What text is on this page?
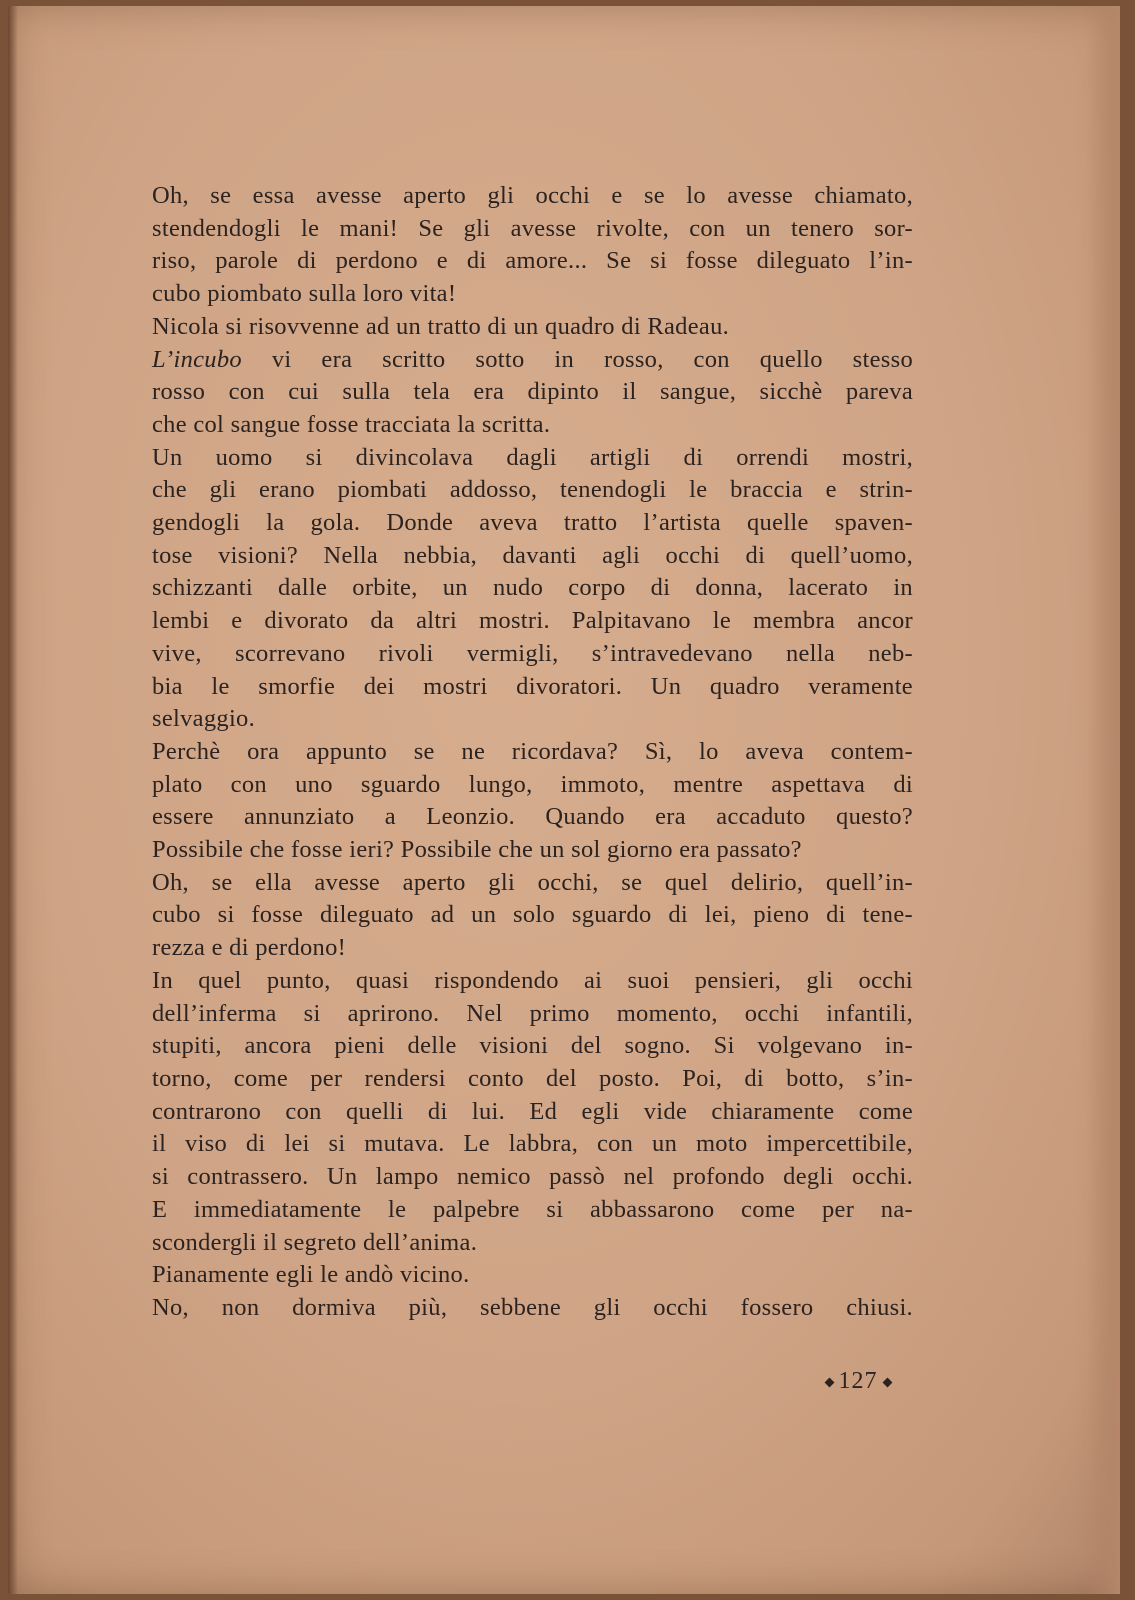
Oh, se essa avesse aperto gli occhi e se lo avesse chiamato,
stendendogli le mani! Se gli avesse rivolte, con un tenero sor-
riso, parole di perdono e di amore... Se si fosse dileguato l’in-
cubo piombato sulla loro vita!

Nicola si risovvenne ad un tratto di un quadro di Radeau.

L’incubo vi era scritto sotto in rosso, con quello stesso
rosso con cui sulla tela era dipinto il sangue, sicchè pareva
che col sangue fosse tracciata la scritta.

Un uomo si divincolava dagli artigli di orrendi mostri,
che gli erano piombati addosso, tenendogli le braccia e strin-
gendogli la gola. Donde aveva tratto l’artista quelle spaven-
tose visioni? Nella nebbia, davanti agli occhi di quell’uomo,
schizzanti dalle orbite, un nudo corpo di donna, lacerato in
lembi e divorato da altri mostri. Palpitavano le membra ancor
vive, scorrevano rivoli vermigli, s’intravedevano nella neb-
bia le smorfie dei mostri divoratori. Un quadro veramente
selvaggio.

Perchè ora appunto se ne ricordava? Sì, lo aveva contem-
plato con uno sguardo lungo, immoto, mentre aspettava di
essere annunziato a Leonzio. Quando era accaduto questo?
Possibile che fosse ieri? Possibile che un sol giorno era passato?

Oh, se ella avesse aperto gli occhi, se quel delirio, quell’in-
cubo si fosse dileguato ad un solo sguardo di lei, pieno di tene-
rezza e di perdono!

In quel punto, quasi rispondendo ai suoi pensieri, gli occhi
dell’inferma si aprirono. Nel primo momento, occhi infantili,
stupiti, ancora pieni delle visioni del sogno. Si volgevano in-
torno, come per rendersi conto del posto. Poi, di botto, s’in-
contrarono con quelli di lui. Ed egli vide chiaramente come
il viso di lei si mutava. Le labbra, con un moto impercettibile,
si contrassero. Un lampo nemico passò nel profondo degli occhi.
E immediatamente le palpebre si abbassarono come per na-
scondergli il segreto dell’anima.

Pianamente egli le andò vicino.

No, non dormiva più, sebbene gli occhi fossero chiusi.

127
